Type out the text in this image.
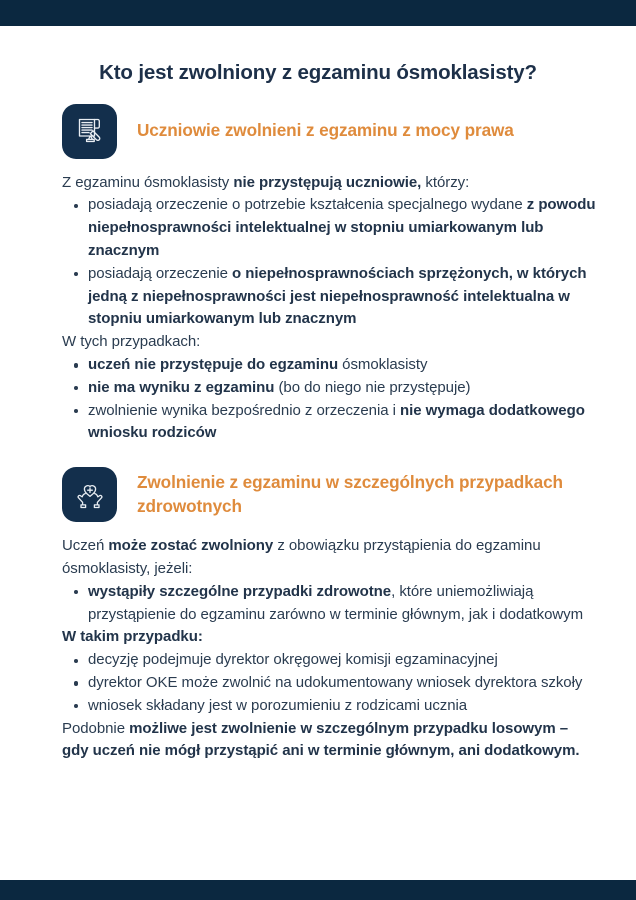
Kto jest zwolniony z egzaminu ósmoklasisty?
Uczniowie zwolnieni z egzaminu z mocy prawa

Z egzaminu ósmoklasisty nie przystępują uczniowie, którzy:

posiadają orzeczenie o potrzebie kształcenia specjalnego wydane z powodu niepełnosprawności intelektualnej w stopniu umiarkowanym lub znacznym
posiadają orzeczenie o niepełnosprawnościach sprzężonych, w których jedną z niepełnosprawności jest niepełnosprawność intelektualna w stopniu umiarkowanym lub znacznym

W tych przypadkach:

uczeń nie przystępuje do egzaminu ósmoklasisty
nie ma wyniku z egzaminu (bo do niego nie przystępuje)
zwolnienie wynika bezpośrednio z orzeczenia i nie wymaga dodatkowego wniosku rodziców
Zwolnienie z egzaminu w szczególnych przypadkach zdrowotnych

Uczeń może zostać zwolniony z obowiązku przystąpienia do egzaminu ósmoklasisty, jeżeli:

wystąpiły szczególne przypadki zdrowotne, które uniemożliwiają przystąpienie do egzaminu zarówno w terminie głównym, jak i dodatkowym

W takim przypadku:

decyzję podejmuje dyrektor okręgowej komisji egzaminacyjnej
dyrektor OKE może zwolnić na udokumentowany wniosek dyrektora szkoły
wniosek składany jest w porozumieniu z rodzicami ucznia

Podobnie możliwe jest zwolnienie w szczególnym przypadku losowym – gdy uczeń nie mógł przystąpić ani w terminie głównym, ani dodatkowym.
